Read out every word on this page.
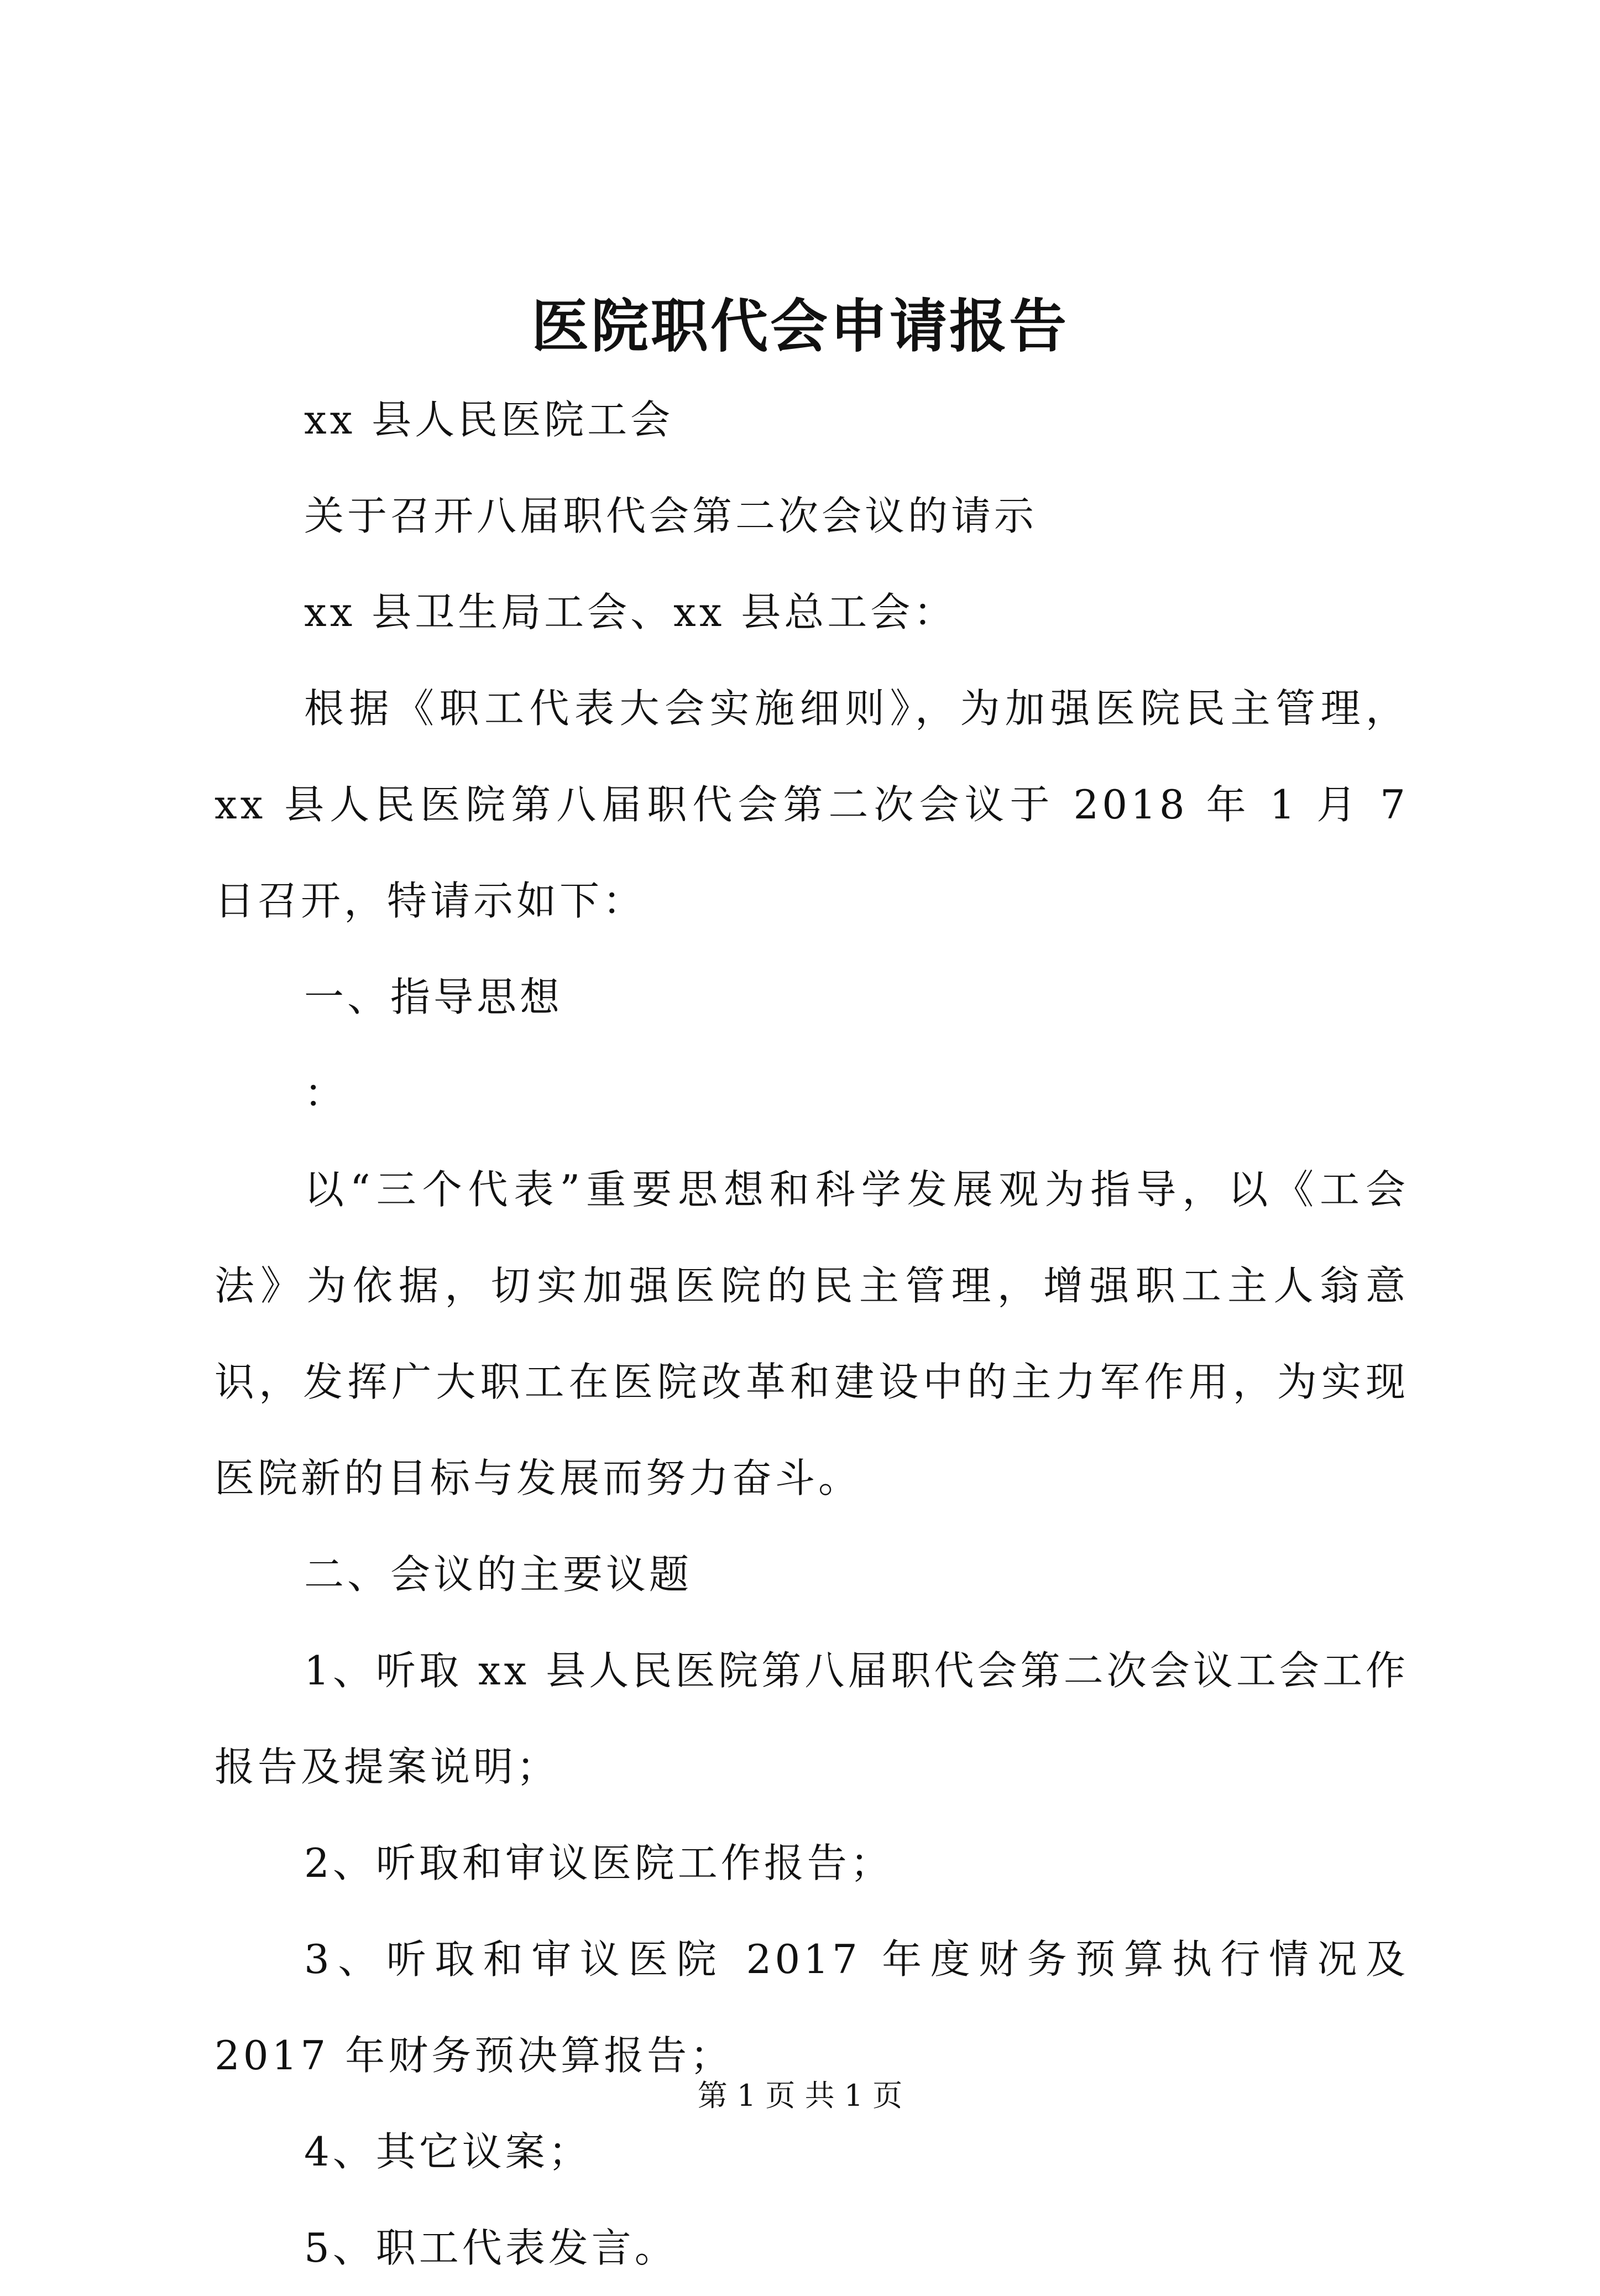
医院职代会申请报告

xx 县人民医院工会

关于召开八届职代会第二次会议的请示

xx 县卫生局工会、xx 县总工会：

根据《职工代表大会实施细则》，为加强医院民主管理，xx 县人民医院第八届职代会第二次会议于 2018 年 1 月 7 日召开，特请示如下：

一、指导思想

：

以“三个代表”重要思想和科学发展观为指导，以《工会法》为依据，切实加强医院的民主管理，增强职工主人翁意识，发挥广大职工在医院改革和建设中的主力军作用，为实现医院新的目标与发展而努力奋斗。

二、会议的主要议题

1、听取 xx 县人民医院第八届职代会第二次会议工会工作报告及提案说明；

2、听取和审议医院工作报告；

3、听取和审议医院 2017 年度财务预算执行情况及 2017 年财务预决算报告；

4、其它议案；

5、职工代表发言。

第 1 页 共 1 页
